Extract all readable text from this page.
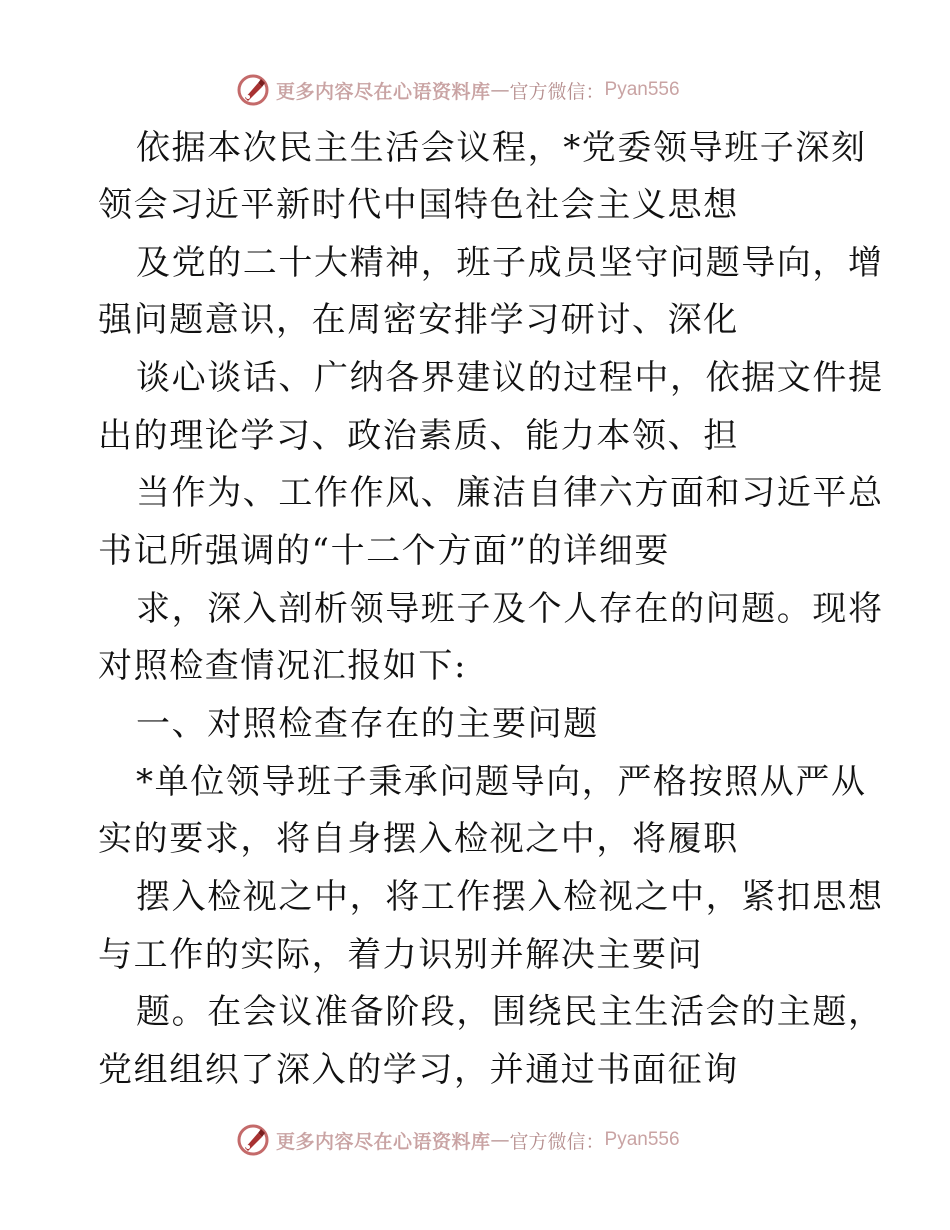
更多内容尽在心语资料库 — 官方微信： Pyan556
依据本次民主生活会议程，*党委领导班子深刻
领会习近平新时代中国特色社会主义思想
及党的二十大精神，班子成员坚守问题导向，增
强问题意识，在周密安排学习研讨、深化
谈心谈话、广纳各界建议的过程中，依据文件提
出的理论学习、政治素质、能力本领、担
当作为、工作作风、廉洁自律六方面和习近平总
书记所强调的“十二个方面”的详细要
求，深入剖析领导班子及个人存在的问题。现将
对照检查情况汇报如下:
一、对照检查存在的主要问题
*单位领导班子秉承问题导向，严格按照从严从
实的要求，将自身摆入检视之中，将履职
摆入检视之中，将工作摆入检视之中，紧扣思想
与工作的实际，着力识别并解决主要问
题。在会议准备阶段，围绕民主生活会的主题，
党组组织了深入的学习，并通过书面征询
更多内容尽在心语资料库 — 官方微信： Pyan556
